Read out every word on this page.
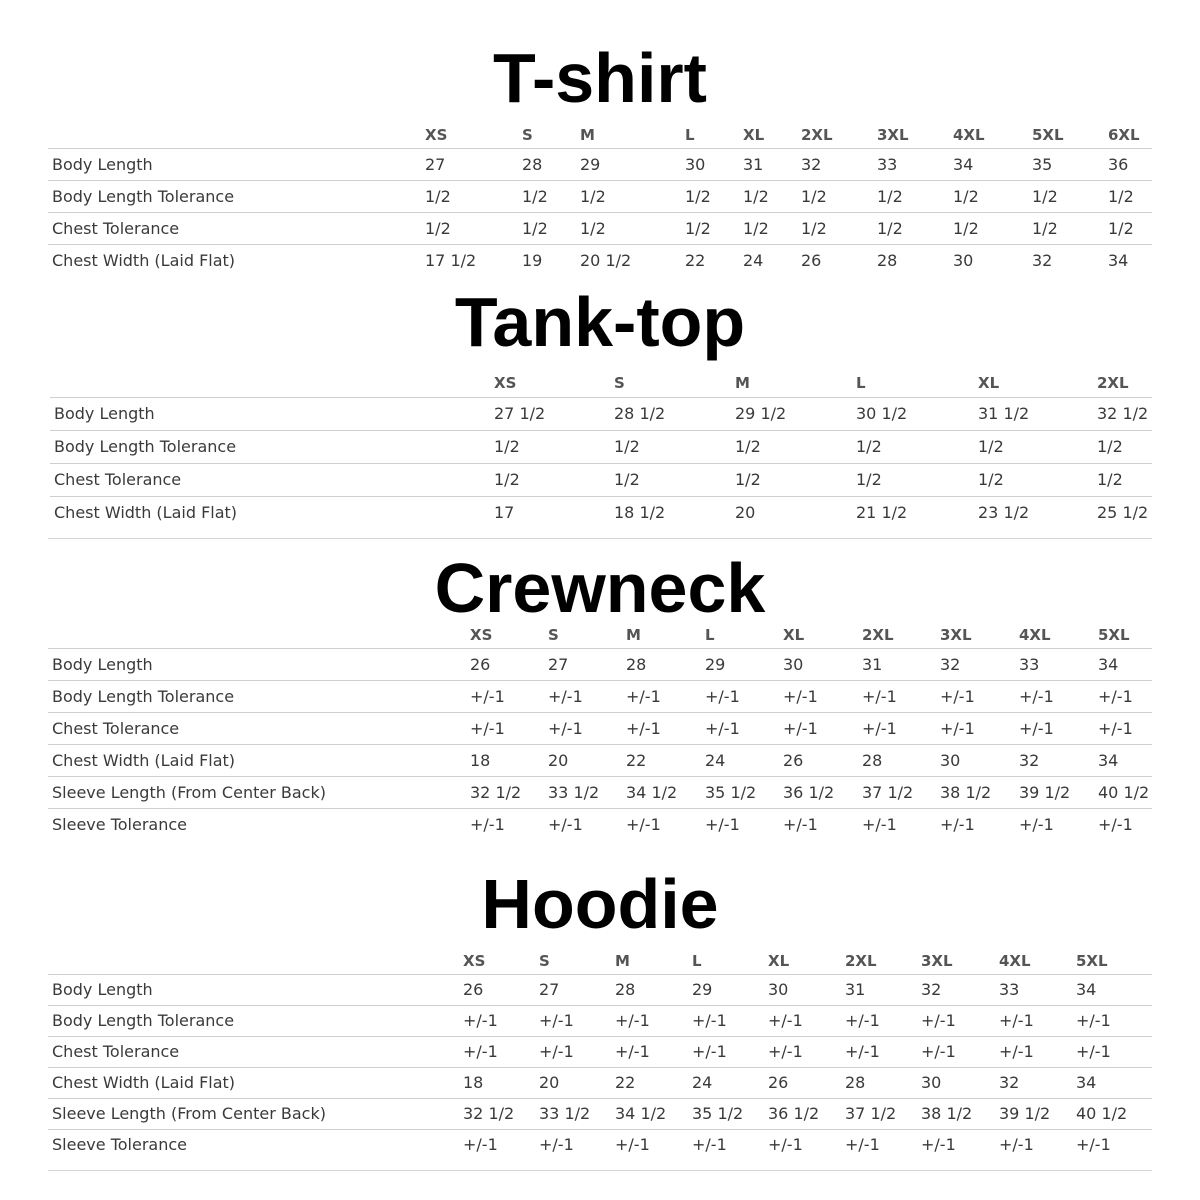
T-shirt
	XS	S	M	L	XL	2XL	3XL	4XL	5XL	6XL
Body Length	27	28	29	30	31	32	33	34	35	36
Body Length Tolerance	1/2	1/2	1/2	1/2	1/2	1/2	1/2	1/2	1/2	1/2
Chest Tolerance	1/2	1/2	1/2	1/2	1/2	1/2	1/2	1/2	1/2	1/2
Chest Width (Laid Flat)	17 1/2	19	20 1/2	22	24	26	28	30	32	34
Tank-top
	XS	S	M	L	XL	2XL
Body Length	27 1/2	28 1/2	29 1/2	30 1/2	31 1/2	32 1/2
Body Length Tolerance	1/2	1/2	1/2	1/2	1/2	1/2
Chest Tolerance	1/2	1/2	1/2	1/2	1/2	1/2
Chest Width (Laid Flat)	17	18 1/2	20	21 1/2	23 1/2	25 1/2
Crewneck
	XS	S	M	L	XL	2XL	3XL	4XL	5XL
Body Length	26	27	28	29	30	31	32	33	34
Body Length Tolerance	+/-1	+/-1	+/-1	+/-1	+/-1	+/-1	+/-1	+/-1	+/-1
Chest Tolerance	+/-1	+/-1	+/-1	+/-1	+/-1	+/-1	+/-1	+/-1	+/-1
Chest Width (Laid Flat)	18	20	22	24	26	28	30	32	34
Sleeve Length (From Center Back)	32 1/2	33 1/2	34 1/2	35 1/2	36 1/2	37 1/2	38 1/2	39 1/2	40 1/2
Sleeve Tolerance	+/-1	+/-1	+/-1	+/-1	+/-1	+/-1	+/-1	+/-1	+/-1
Hoodie
	XS	S	M	L	XL	2XL	3XL	4XL	5XL
Body Length	26	27	28	29	30	31	32	33	34
Body Length Tolerance	+/-1	+/-1	+/-1	+/-1	+/-1	+/-1	+/-1	+/-1	+/-1
Chest Tolerance	+/-1	+/-1	+/-1	+/-1	+/-1	+/-1	+/-1	+/-1	+/-1
Chest Width (Laid Flat)	18	20	22	24	26	28	30	32	34
Sleeve Length (From Center Back)	32 1/2	33 1/2	34 1/2	35 1/2	36 1/2	37 1/2	38 1/2	39 1/2	40 1/2
Sleeve Tolerance	+/-1	+/-1	+/-1	+/-1	+/-1	+/-1	+/-1	+/-1	+/-1
